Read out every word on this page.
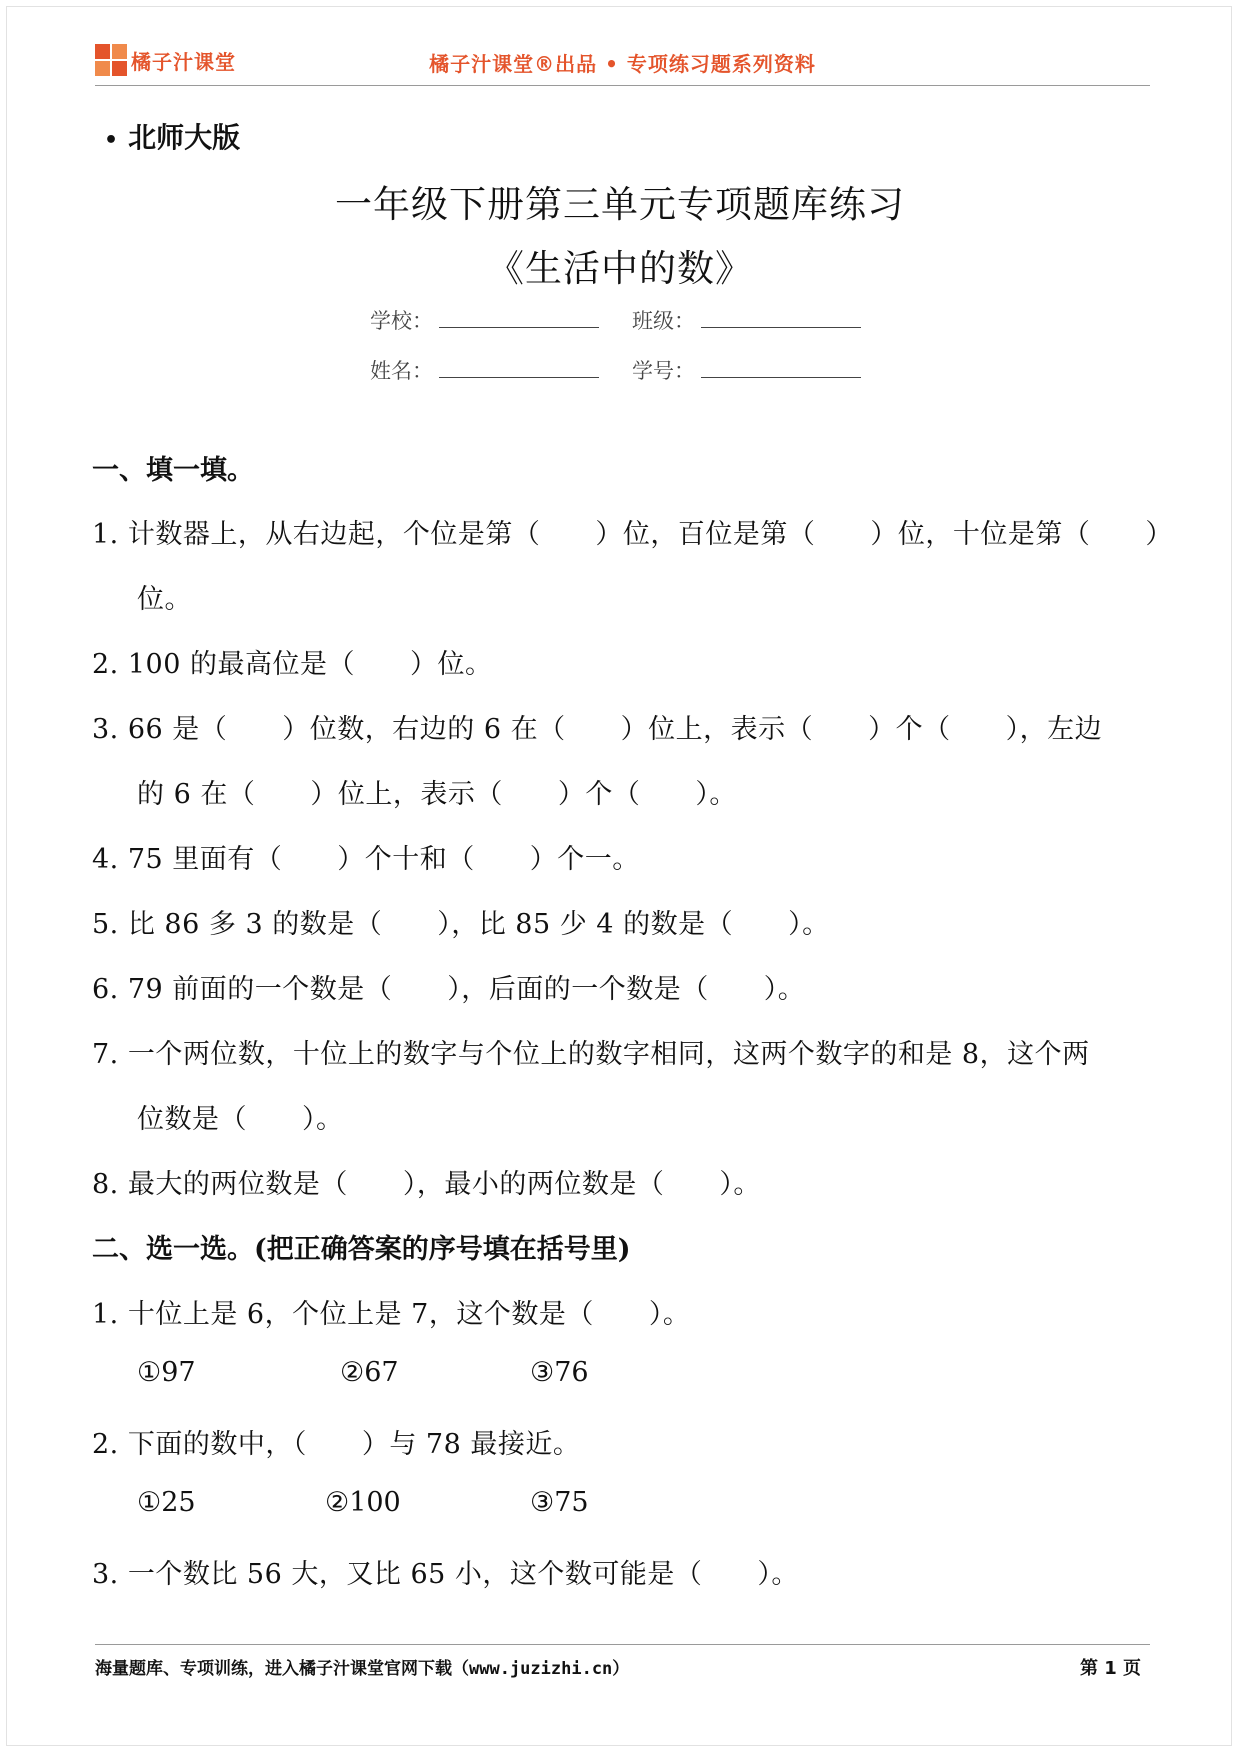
橘子汁课堂	橘子汁课堂®出品 • 专项练习题系列资料
• 北师大版
一年级下册第三单元专项题库练习
《生活中的数》
学校：	班级：
姓名：	学号：
一、填一填。
1. 计数器上，从右边起，个位是第（　　）位，百位是第（　　）位，十位是第（　　）
位。
2. 100 的最高位是（　　）位。
3. 66 是（　　）位数，右边的 6 在（　　）位上，表示（　　）个（　　），左边
的 6 在（　　）位上，表示（　　）个（　　）。
4. 75 里面有（　　）个十和（　　）个一。
5. 比 86 多 3 的数是（　　），比 85 少 4 的数是（　　）。
6. 79 前面的一个数是（　　），后面的一个数是（　　）。
7. 一个两位数，十位上的数字与个位上的数字相同，这两个数字的和是 8，这个两
位数是（　　）。
8. 最大的两位数是（　　），最小的两位数是（　　）。
二、选一选。(把正确答案的序号填在括号里)
1. 十位上是 6，个位上是 7，这个数是（　　）。
①97	②67	③76
2. 下面的数中，（　　）与 78 最接近。
①25	②100	③75
3. 一个数比 56 大，又比 65 小，这个数可能是（　　）。
海量题库、专项训练，进入橘子汁课堂官网下载（www.juzizhi.cn）	第 1 页
